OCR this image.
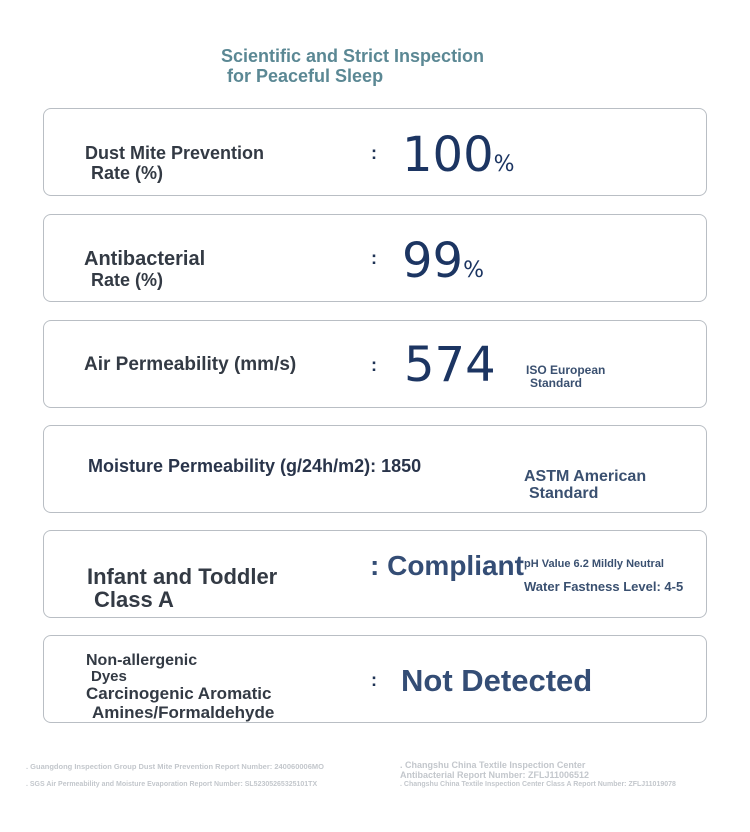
Scientific and Strict Inspection
for Peaceful Sleep
Dust Mite Prevention
Rate (%)
: 100%
Antibacterial
Rate (%)
: 99%
Air Permeability (mm/s)	: 574	ISO European
Standard
Moisture Permeability (g/24h/m2): 1850
ASTM American
Standard
Infant and Toddler
Class A
: Compliant pH Value 6.2 Mildly Neutral
Water Fastness Level: 4-5
Non-allergenic
Dyes
Carcinogenic Aromatic
Amines/Formaldehyde
: Not Detected
. Guangdong Inspection Group Dust Mite Prevention Report Number: 240060006MO
. SGS Air Permeability and Moisture Evaporation Report Number: SL52305265325101TX
. Changshu China Textile Inspection Center
Antibacterial Report Number: ZFLJ11006512
. Changshu China Textile Inspection Center Class A Report Number: ZFLJ11019078
